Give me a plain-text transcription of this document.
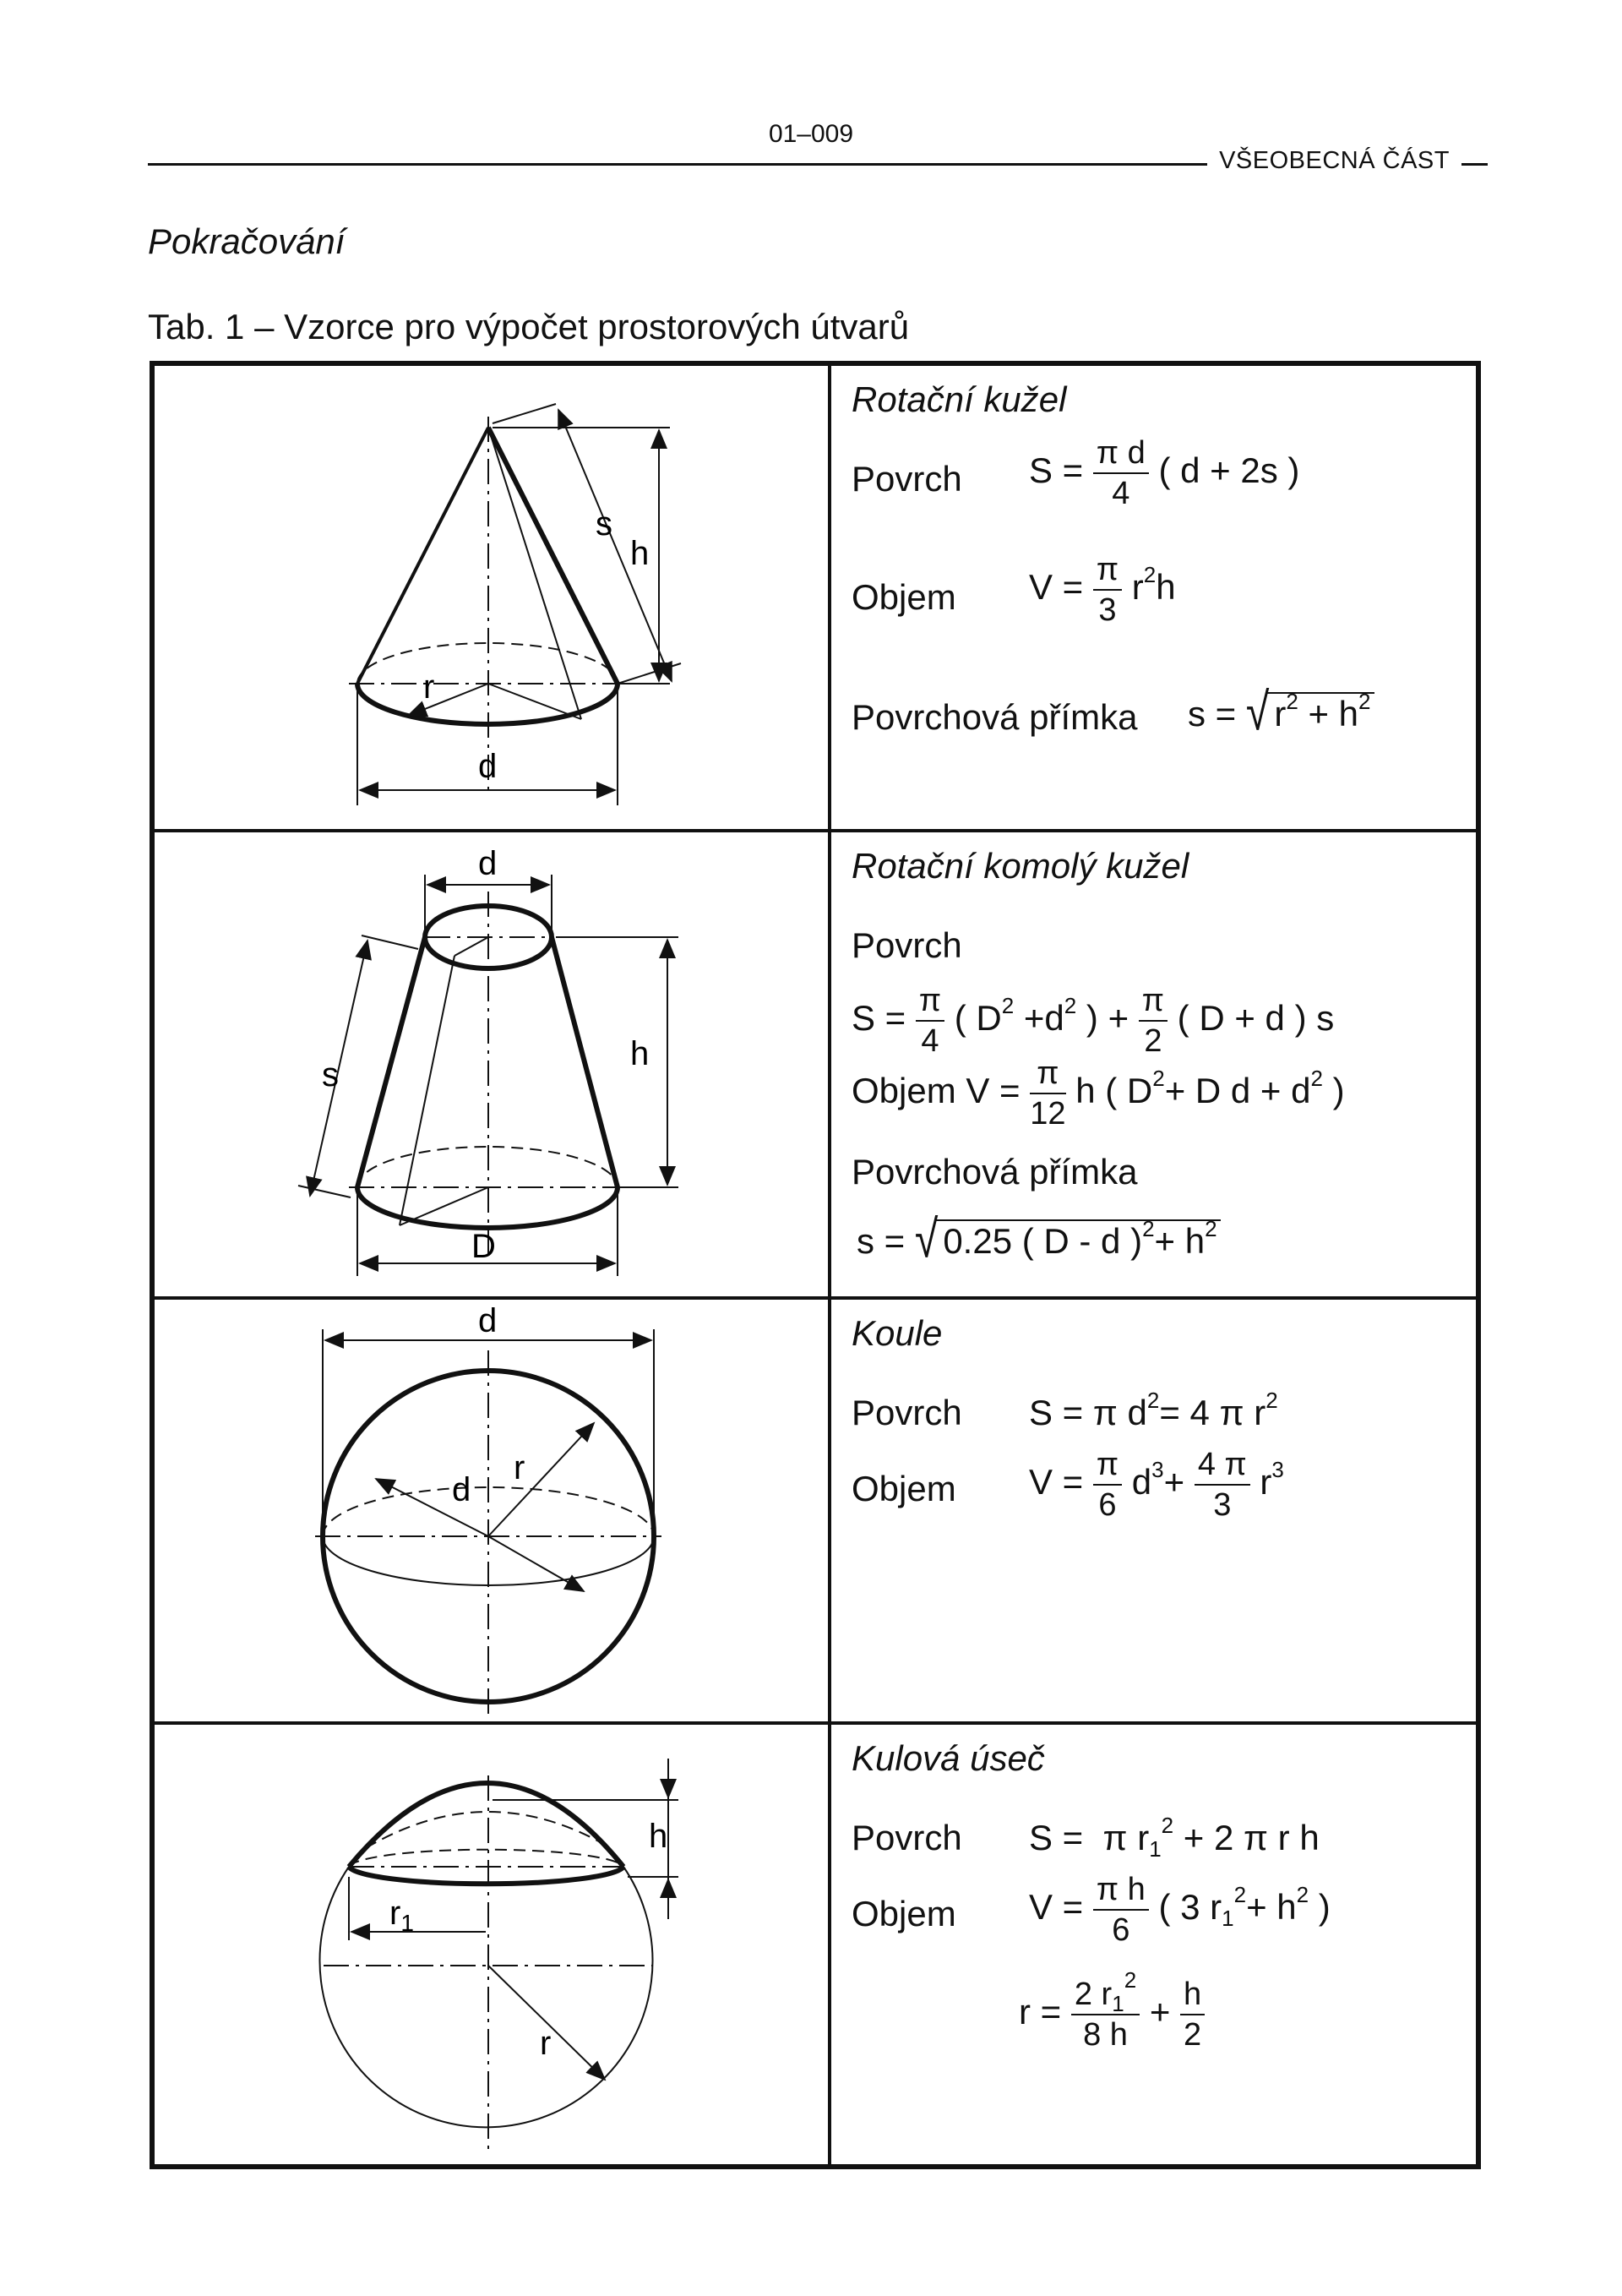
01–009
VŠEOBECNÁ ČÁST
Pokračování
Tab. 1 – Vzorce pro výpočet prostorových útvarů
s
h
r
d
Rotační kužel
Povrch $S = \frac{\text{π d}}{4}$ ( d + 2s )
Objem $V = \frac{\pi}{3} r^2h$
Povrchová přímka s = √ $r^2 + h^2$
d
h
s
D
Rotační komolý kužel
Povrch
$S = \frac{\pi}{4}$ ( $D^2 +d^2$ ) + $\frac{\pi}{2}$ ( D + d ) s
Objem $V = \frac{\pi}{12}$ h ( $D^2+ D$ $d + d^2$ )
Povrchová přímka
s = √ 0.25 ( D - d )$^2+ h^2$
d
r
d
Koule
Povrch S = π $d^2= 4$ π $r^2$
Objem $V = \frac{\pi}{6} d^3+ \frac{4 \pi}{3} r^3$
h
$r_1$
r
Kulová úseč
Povrch S =  π $r_1^2 + 2$ π r h
Objem $V = \frac{\text{π h}}{6}$ ( 3 $r_1^2+ h^2$ )
$r = \frac{2 r_1^2}{8 h} + \frac{h}{2}$
